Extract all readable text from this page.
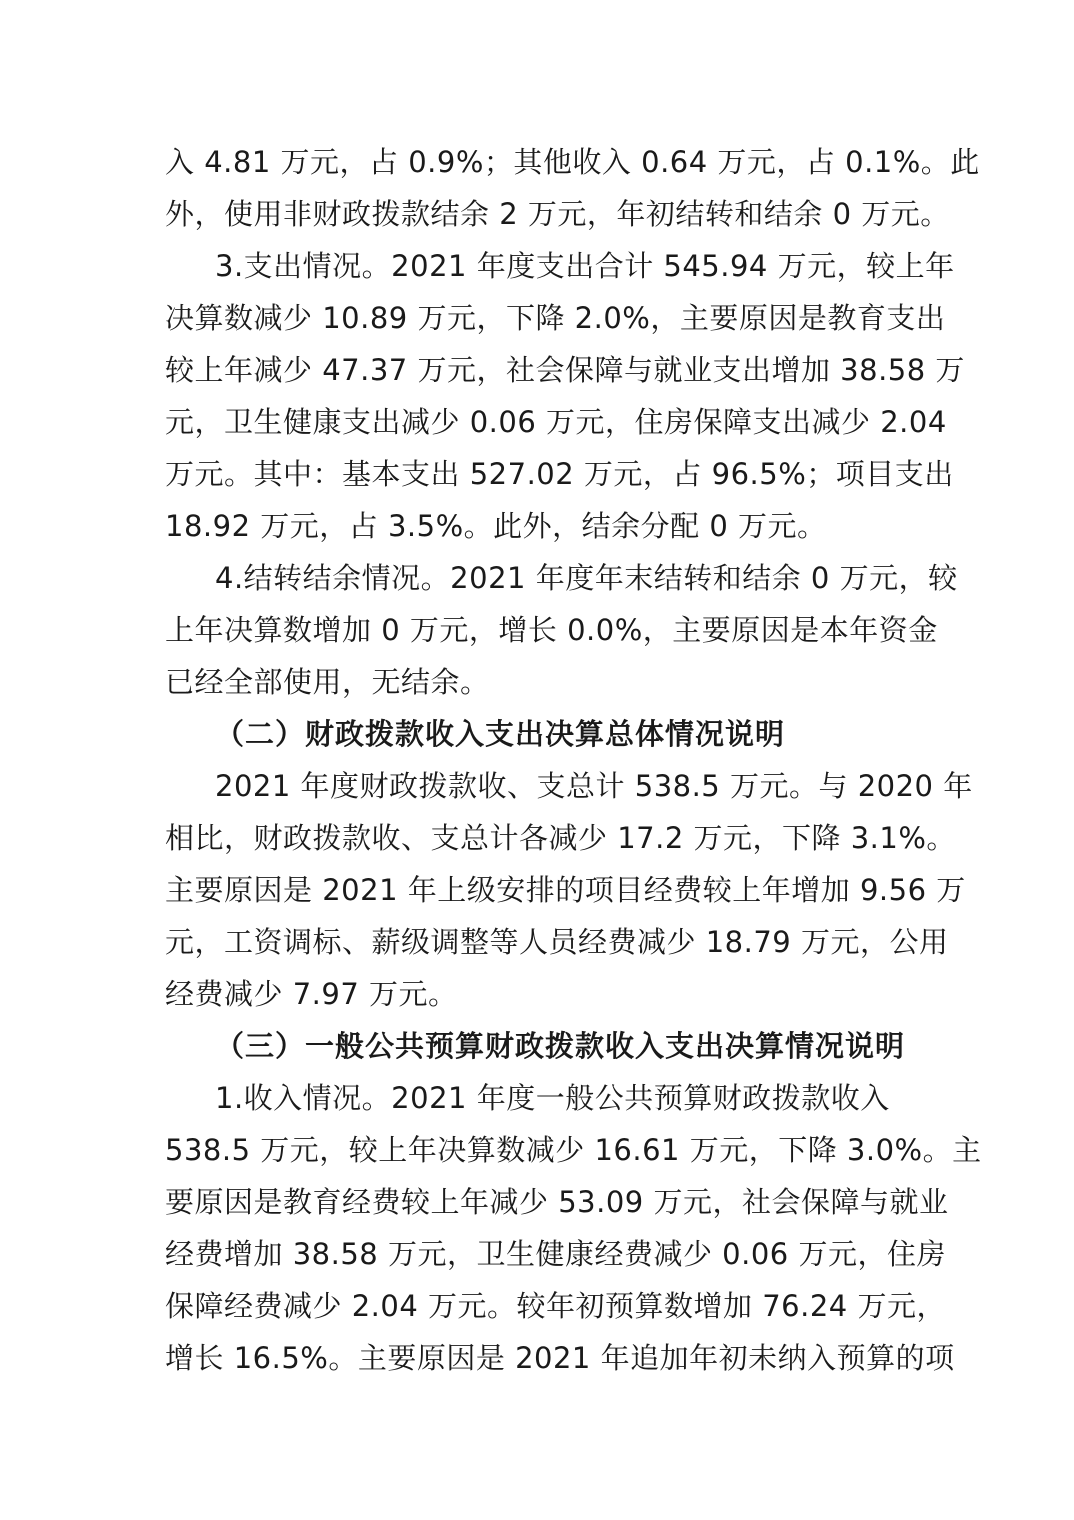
入 4.81 万元，占 0.9%；其他收入 0.64 万元，占 0.1%。此
外，使用非财政拨款结余 2 万元，年初结转和结余 0 万元。
3.支出情况。2021 年度支出合计 545.94 万元，较上年
决算数减少 10.89 万元，下降 2.0%，主要原因是教育支出
较上年减少 47.37 万元，社会保障与就业支出增加 38.58 万
元，卫生健康支出减少 0.06 万元，住房保障支出减少 2.04
万元。其中：基本支出 527.02 万元，占 96.5%；项目支出
18.92 万元，占 3.5%。此外，结余分配 0 万元。
4.结转结余情况。2021 年度年末结转和结余 0 万元，较
上年决算数增加 0 万元，增长 0.0%，主要原因是本年资金
已经全部使用，无结余。
（二）财政拨款收入支出决算总体情况说明
2021 年度财政拨款收、支总计 538.5 万元。与 2020 年
相比，财政拨款收、支总计各减少 17.2 万元，下降 3.1%。
主要原因是 2021 年上级安排的项目经费较上年增加 9.56 万
元，工资调标、薪级调整等人员经费减少 18.79 万元，公用
经费减少 7.97 万元。
（三）一般公共预算财政拨款收入支出决算情况说明
1.收入情况。2021 年度一般公共预算财政拨款收入
538.5 万元，较上年决算数减少 16.61 万元，下降 3.0%。主
要原因是教育经费较上年减少 53.09 万元，社会保障与就业
经费增加 38.58 万元，卫生健康经费减少 0.06 万元，住房
保障经费减少 2.04 万元。较年初预算数增加 76.24 万元，
增长 16.5%。主要原因是 2021 年追加年初未纳入预算的项
